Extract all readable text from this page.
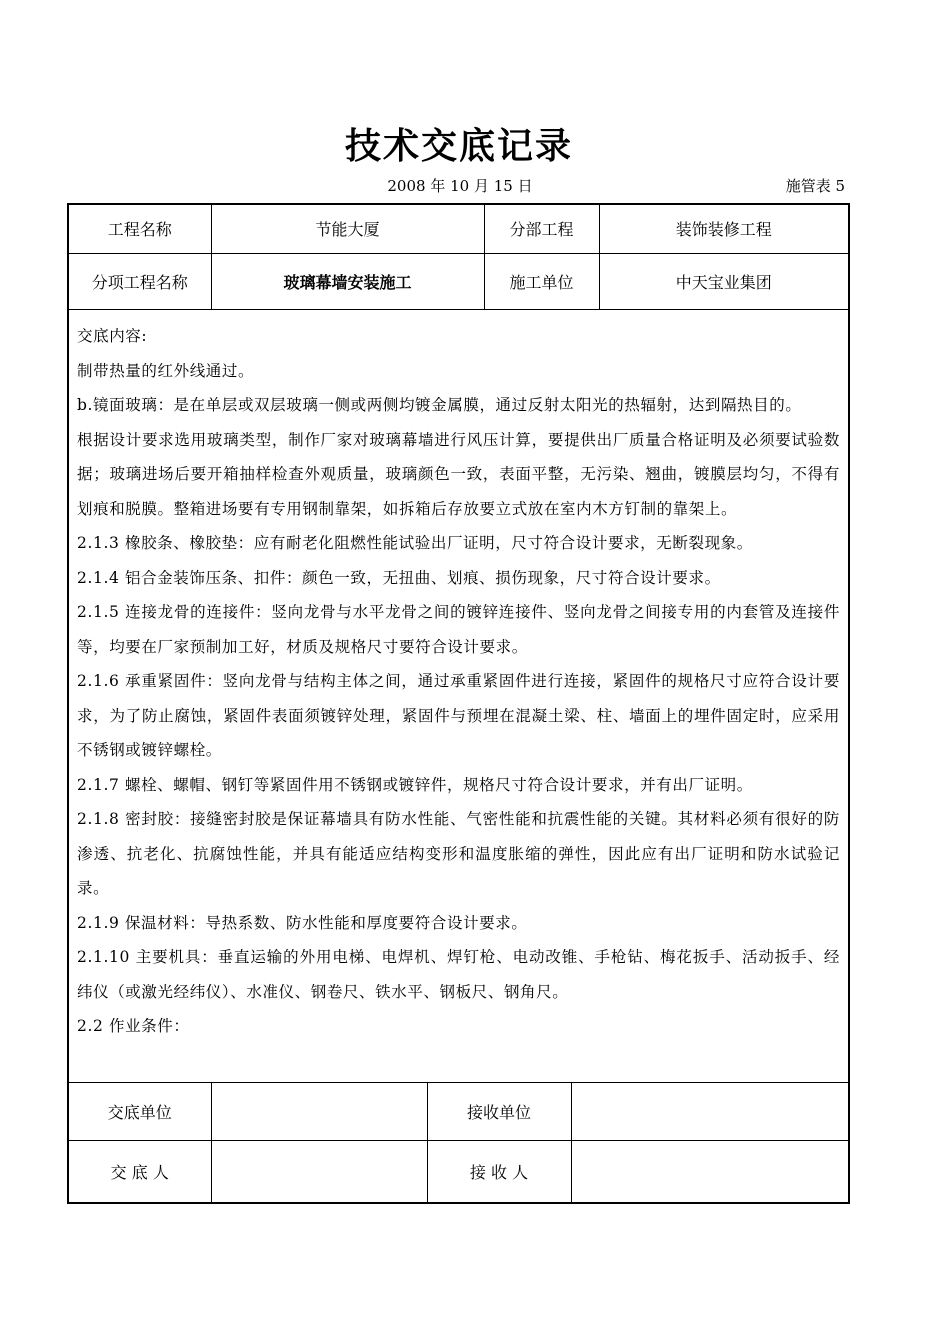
技术交底记录
2008 年 10 月 15 日	施管表 5
工程名称	节能大厦	分部工程	装饰装修工程
分项工程名称	玻璃幕墙安装施工	施工单位	中天宝业集团

交底内容:

制带热量的红外线通过。

b.镜面玻璃：是在单层或双层玻璃一侧或两侧均镀金属膜，通过反射太阳光的热辐射，达到隔热目的。

根据设计要求选用玻璃类型，制作厂家对玻璃幕墙进行风压计算，要提供出厂质量合格证明及必须要试验数据；玻璃进场后要开箱抽样检查外观质量，玻璃颜色一致，表面平整，无污染、翘曲，镀膜层均匀，不得有划痕和脱膜。整箱进场要有专用钢制靠架，如拆箱后存放要立式放在室内木方钉制的靠架上。

2.1.3 橡胶条、橡胶垫：应有耐老化阻燃性能试验出厂证明，尺寸符合设计要求，无断裂现象。

2.1.4 铝合金装饰压条、扣件：颜色一致，无扭曲、划痕、损伤现象，尺寸符合设计要求。

2.1.5 连接龙骨的连接件：竖向龙骨与水平龙骨之间的镀锌连接件、竖向龙骨之间接专用的内套管及连接件等，均要在厂家预制加工好，材质及规格尺寸要符合设计要求。

2.1.6 承重紧固件：竖向龙骨与结构主体之间，通过承重紧固件进行连接，紧固件的规格尺寸应符合设计要求，为了防止腐蚀，紧固件表面须镀锌处理，紧固件与预埋在混凝土梁、柱、墙面上的埋件固定时，应采用不锈钢或镀锌螺栓。

2.1.7 螺栓、螺帽、钢钉等紧固件用不锈钢或镀锌件，规格尺寸符合设计要求，并有出厂证明。

2.1.8 密封胶：接缝密封胶是保证幕墙具有防水性能、气密性能和抗震性能的关键。其材料必须有很好的防渗透、抗老化、抗腐蚀性能，并具有能适应结构变形和温度胀缩的弹性，因此应有出厂证明和防水试验记录。

2.1.9 保温材料：导热系数、防水性能和厚度要符合设计要求。

2.1.10 主要机具：垂直运输的外用电梯、电焊机、焊钉枪、电动改锥、手枪钻、梅花扳手、活动扳手、经纬仪（或激光经纬仪）、水准仪、钢卷尺、铁水平、钢板尺、钢角尺。

2.2 作业条件：

交底单位		接收单位	
交 底 人		接 收 人	
